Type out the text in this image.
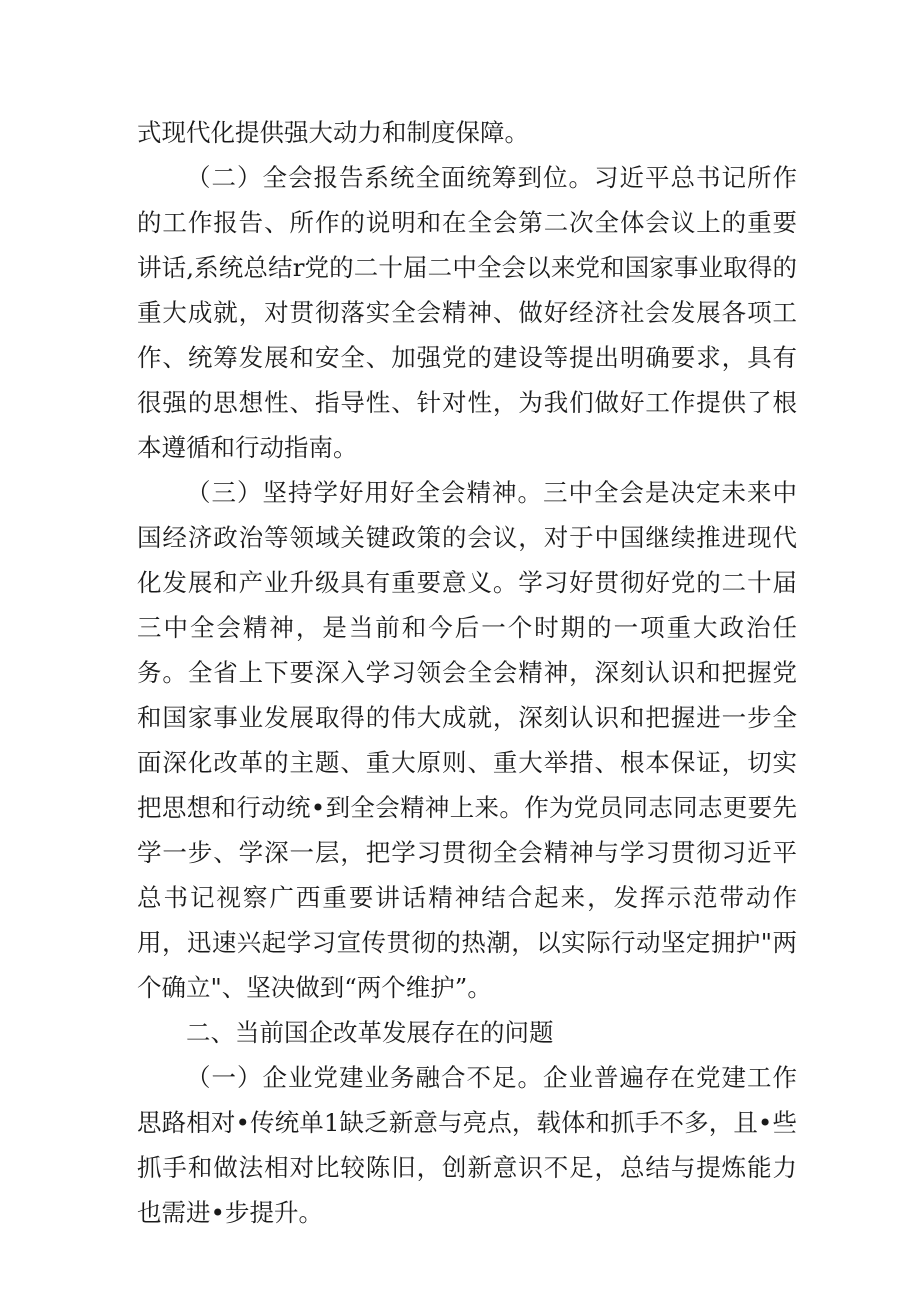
式现代化提供强大动力和制度保障。

（二）全会报告系统全面统筹到位。习近平总书记所作的工作报告、所作的说明和在全会第二次全体会议上的重要讲话,系统总结r党的二十届二中全会以来党和国家事业取得的重大成就，对贯彻落实全会精神、做好经济社会发展各项工作、统筹发展和安全、加强党的建设等提出明确要求，具有很强的思想性、指导性、针对性，为我们做好工作提供了根本遵循和行动指南。

（三）坚持学好用好全会精神。三中全会是决定未来中国经济政治等领域关键政策的会议，对于中国继续推进现代化发展和产业升级具有重要意义。学习好贯彻好党的二十届三中全会精神，是当前和今后一个时期的一项重大政治任务。全省上下要深入学习领会全会精神，深刻认识和把握党和国家事业发展取得的伟大成就，深刻认识和把握进一步全面深化改革的主题、重大原则、重大举措、根本保证，切实把思想和行动统•到全会精神上来。作为党员同志同志更要先学一步、学深一层，把学习贯彻全会精神与学习贯彻习近平总书记视察广西重要讲话精神结合起来，发挥示范带动作用，迅速兴起学习宣传贯彻的热潮，以实际行动坚定拥护"两个确立"、坚决做到“两个维护”。

二、当前国企改革发展存在的问题

（一）企业党建业务融合不足。企业普遍存在党建工作思路相对•传统单1缺乏新意与亮点，载体和抓手不多，且•些抓手和做法相对比较陈旧，创新意识不足，总结与提炼能力也需进•步提升。
